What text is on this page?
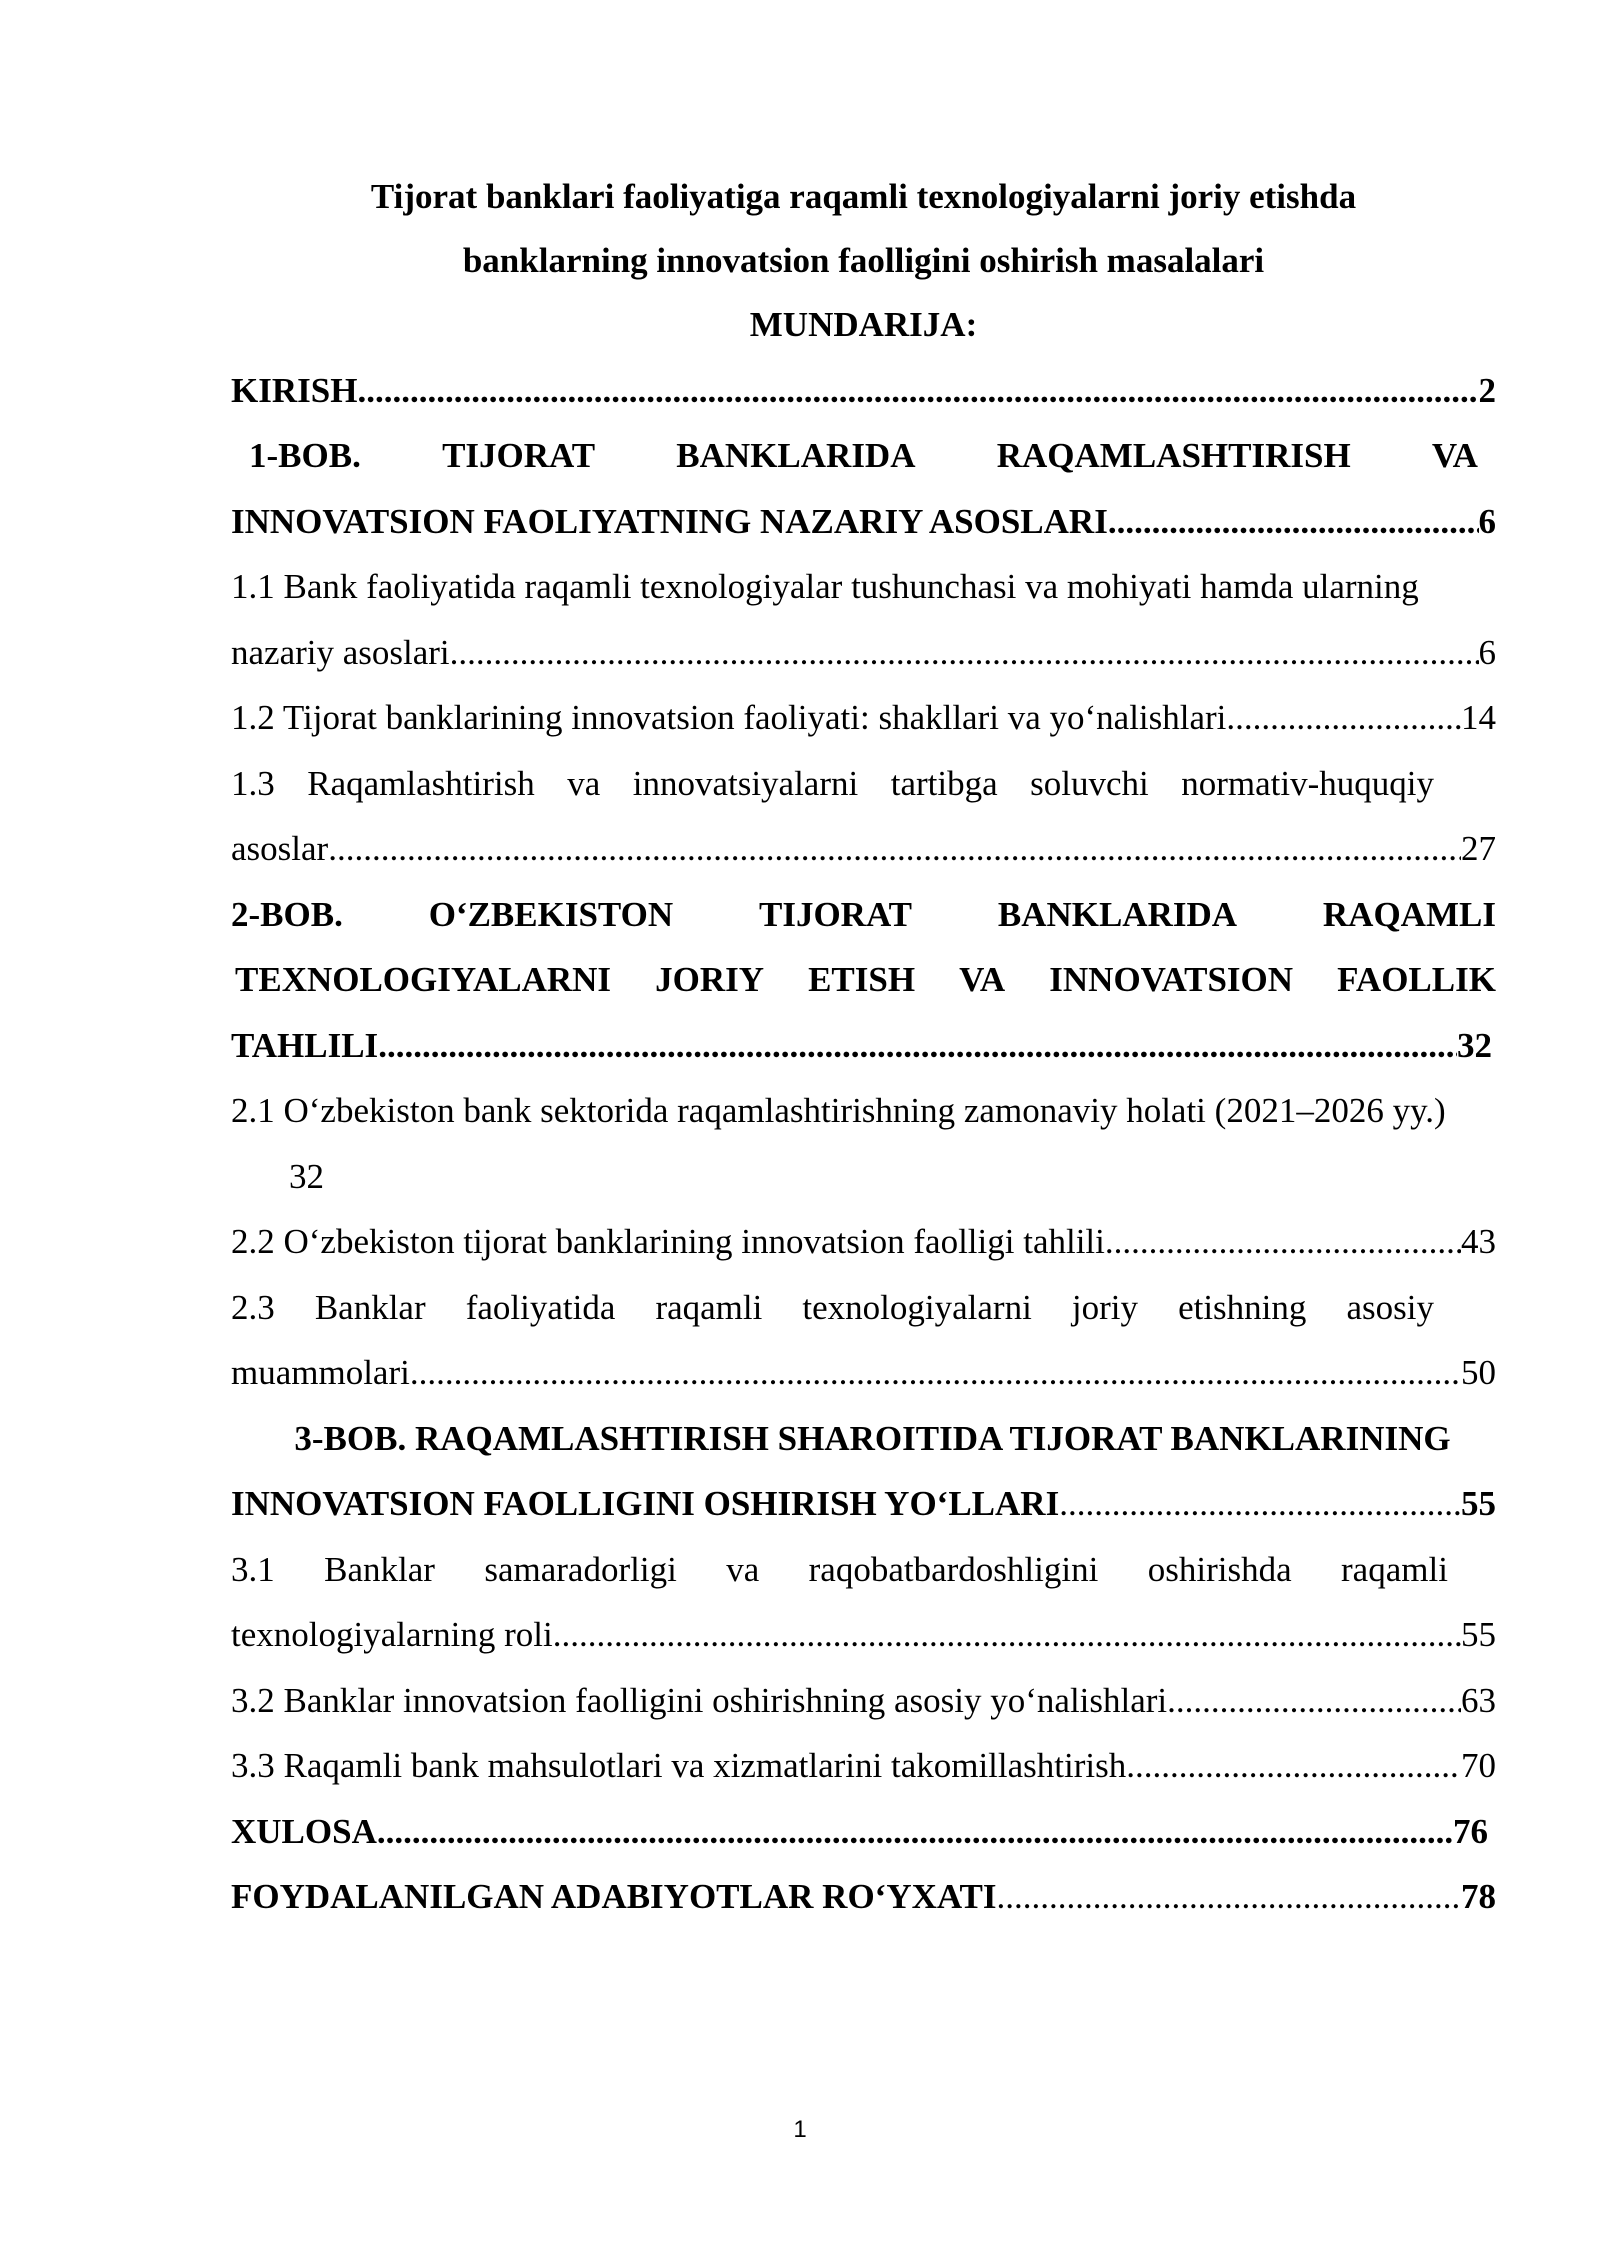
Tijorat banklari faoliyatiga raqamli texnologiyalarni joriy etishda
banklarning innovatsion faolligini oshirish masalalari
MUNDARIJA:
KIRISH .....	2
1-BOB. TIJORAT BANKLARIDA RAQAMLASHTIRISH VA
INNOVATSION FAOLIYATNING NAZARIY ASOSLARI .....	6
1.1 Bank faoliyatida raqamli texnologiyalar tushunchasi va mohiyati hamda ularning
nazariy asoslari .....	6
1.2 Tijorat banklarining innovatsion faoliyati: shakllari va yo‘nalishlari .....	14
1.3 Raqamlashtirish va innovatsiyalarni tartibga soluvchi normativ-huquqiy
asoslar .....	27
2-BOB. O‘ZBEKISTON TIJORAT BANKLARIDA RAQAMLI
TEXNOLOGIYALARNI JORIY ETISH VA INNOVATSION FAOLLIK
TAHLILI .....	32
2.1 O‘zbekiston bank sektorida raqamlashtirishning zamonaviy holati (2021–2026 yy.)
32
2.2 O‘zbekiston tijorat banklarining innovatsion faolligi tahlili .....	43
2.3 Banklar faoliyatida raqamli texnologiyalarni joriy etishning asosiy
muammolari .....	50
3-BOB. RAQAMLASHTIRISH SHAROITIDA TIJORAT BANKLARINING
INNOVATSION FAOLLIGINI OSHIRISH YO‘LLARI .....	55
3.1 Banklar samaradorligi va raqobatbardoshligini oshirishda raqamli
texnologiyalarning roli .....	55
3.2 Banklar innovatsion faolligini oshirishning asosiy yo‘nalishlari .....	63
3.3 Raqamli bank mahsulotlari va xizmatlarini takomillashtirish .....	70
XULOSA .....	76
FOYDALANILGAN ADABIYOTLAR RO‘YXATI .....	78
1
